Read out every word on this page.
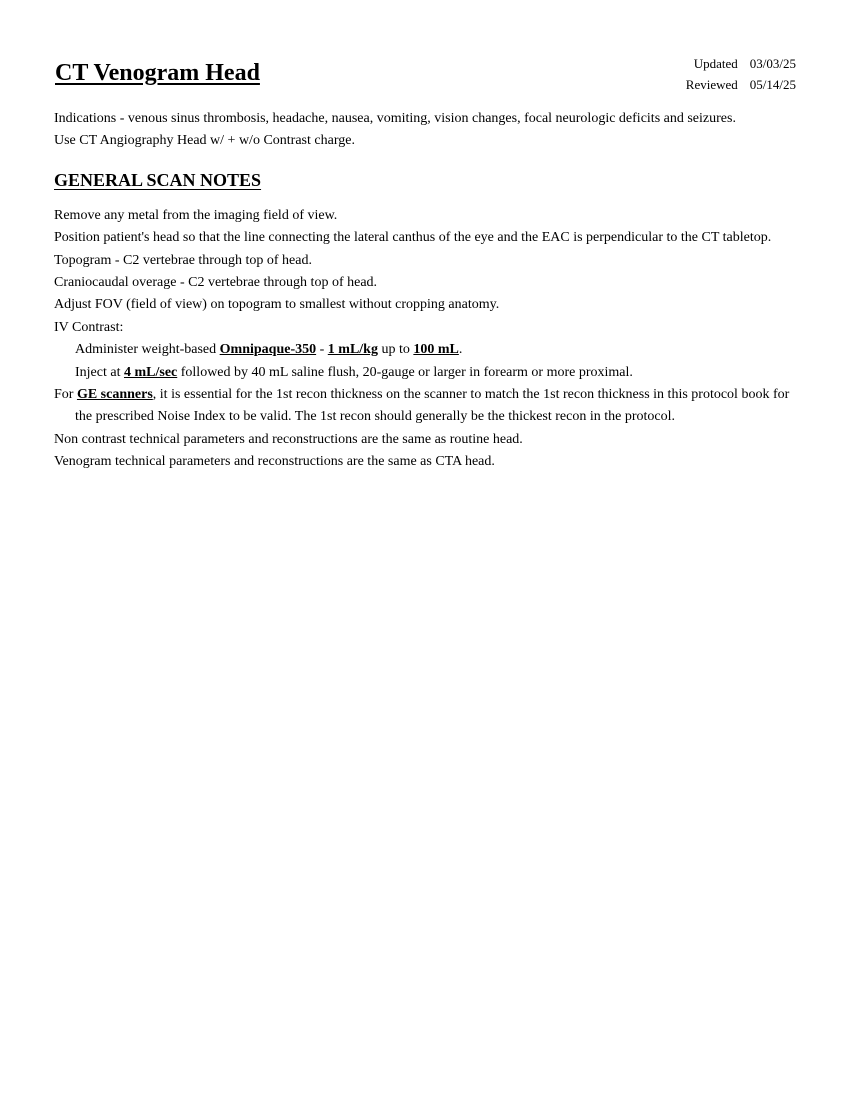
CT Venogram Head	Updated 03/03/25
Reviewed 05/14/25

Indications - venous sinus thrombosis, headache, nausea, vomiting, vision changes, focal neurologic deficits and seizures.

Use CT Angiography Head w/ + w/o Contrast charge.

GENERAL SCAN NOTES

Remove any metal from the imaging field of view.

Position patient's head so that the line connecting the lateral canthus of the eye and the EAC is perpendicular to the CT tabletop.

Topogram - C2 vertebrae through top of head.

Craniocaudal overage - C2 vertebrae through top of head.

Adjust FOV (field of view) on topogram to smallest without cropping anatomy.

IV Contrast:

Administer weight-based Omnipaque-350 - 1 mL/kg up to 100 mL.

Inject at 4 mL/sec followed by 40 mL saline flush, 20-gauge or larger in forearm or more proximal.

For GE scanners, it is essential for the 1st recon thickness on the scanner to match the 1st recon thickness in this protocol book for the prescribed Noise Index to be valid. The 1st recon should generally be the thickest recon in the protocol.

Non contrast technical parameters and reconstructions are the same as routine head.

Venogram technical parameters and reconstructions are the same as CTA head.
